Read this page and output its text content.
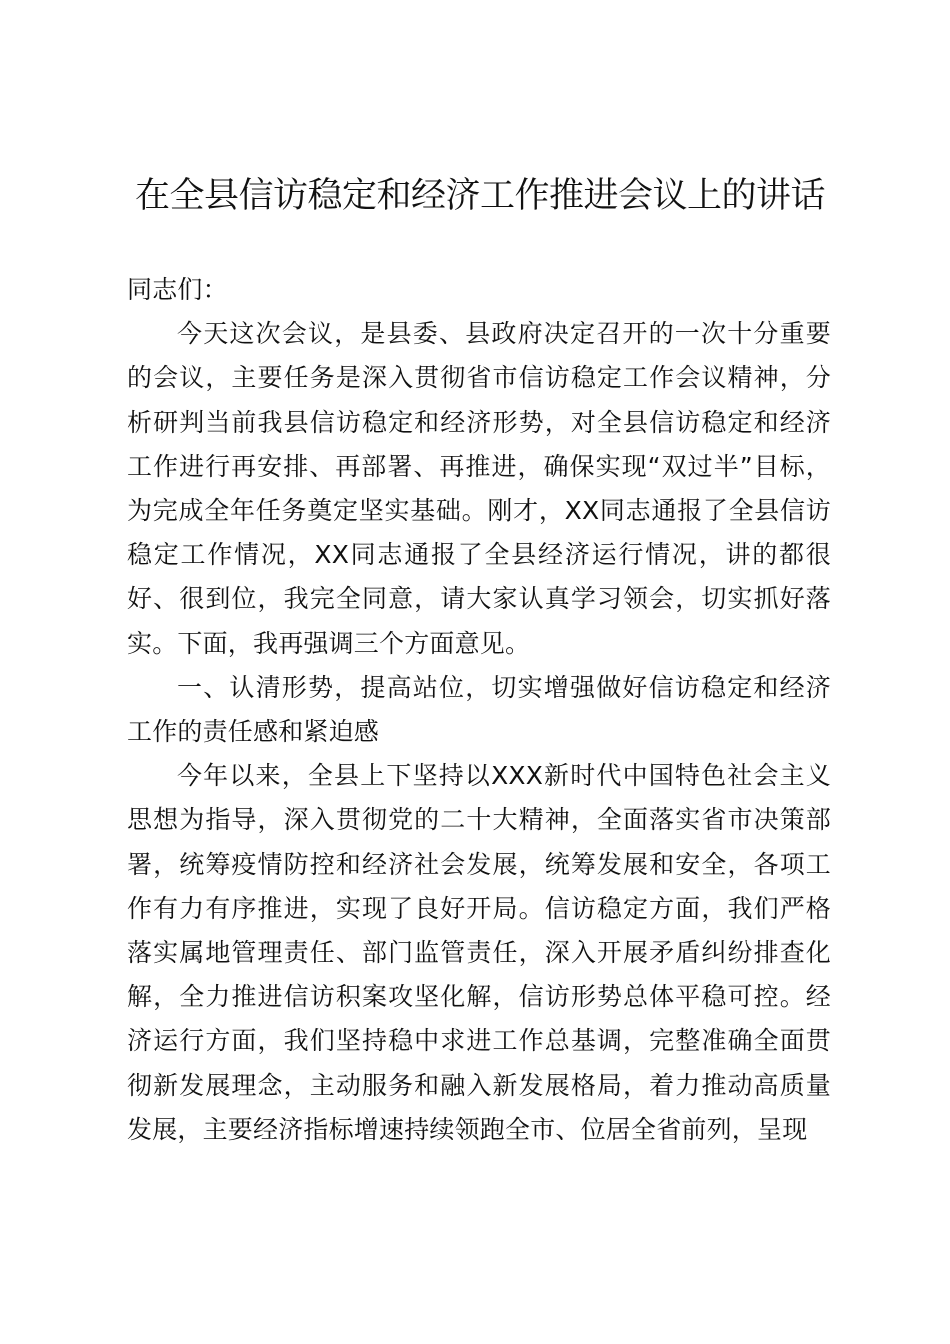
在全县信访稳定和经济工作推进会议上的讲话

同志们：

今天这次会议，是县委、县政府决定召开的一次十分重要的会议，主要任务是深入贯彻省市信访稳定工作会议精神，分析研判当前我县信访稳定和经济形势，对全县信访稳定和经济工作进行再安排、再部署、再推进，确保实现“双过半”目标，为完成全年任务奠定坚实基础。刚才，XX同志通报了全县信访稳定工作情况，XX同志通报了全县经济运行情况，讲的都很好、很到位，我完全同意，请大家认真学习领会，切实抓好落实。下面，我再强调三个方面意见。

一、认清形势，提高站位，切实增强做好信访稳定和经济工作的责任感和紧迫感

今年以来，全县上下坚持以XXX新时代中国特色社会主义思想为指导，深入贯彻党的二十大精神，全面落实省市决策部署，统筹疫情防控和经济社会发展，统筹发展和安全，各项工作有力有序推进，实现了良好开局。信访稳定方面，我们严格落实属地管理责任、部门监管责任，深入开展矛盾纠纷排查化解，全力推进信访积案攻坚化解，信访形势总体平稳可控。经济运行方面，我们坚持稳中求进工作总基调，完整准确全面贯彻新发展理念，主动服务和融入新发展格局，着力推动高质量发展，主要经济指标增速持续领跑全市、位居全省前列，呈现
